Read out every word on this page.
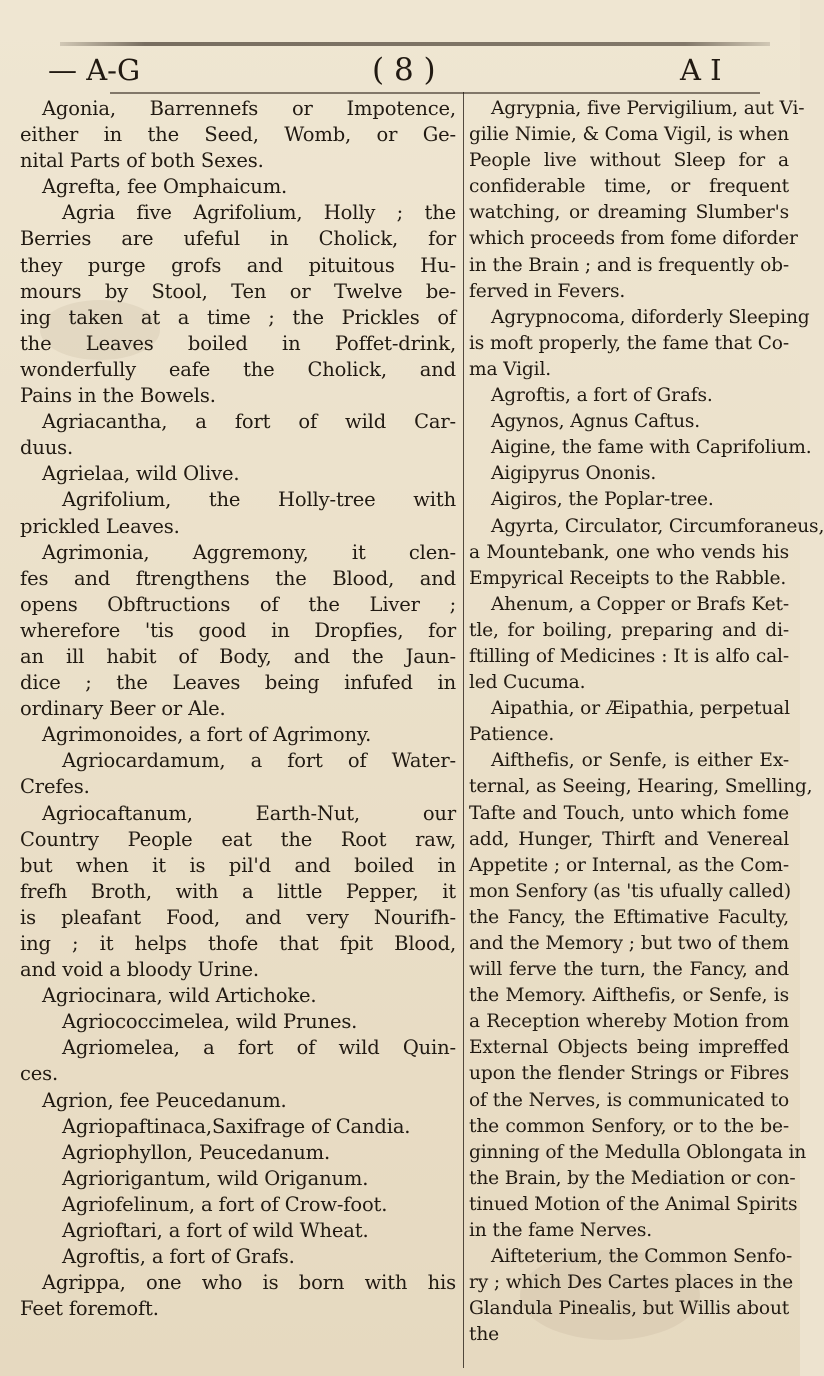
— A-G	( 8 )	A I
Agonia, Barrennefs or Impotence,
either in the Seed, Womb, or Ge-
nital Parts of both Sexes.
Agrefta, fee Omphaicum.
Agria five Agrifolium, Holly ; the
Berries are ufeful in Cholick, for
they purge grofs and pituitous Hu-
mours by Stool, Ten or Twelve be-
ing taken at a time ; the Prickles of
the Leaves boiled in Poffet-drink,
wonderfully eafe the Cholick, and
Pains in the Bowels.
Agriacantha, a fort of wild Car-
duus.
Agrielaa, wild Olive.
Agrifolium, the Holly-tree with
prickled Leaves.
Agrimonia, Aggremony, it clen-
fes and ftrengthens the Blood, and
opens Obftructions of the Liver ;
wherefore 'tis good in Dropfies, for
an ill habit of Body, and the Jaun-
dice ; the Leaves being infufed in
ordinary Beer or Ale.
Agrimonoides, a fort of Agrimony.
Agriocardamum, a fort of Water-
Crefes.
Agriocaftanum, Earth-Nut, our
Country People eat the Root raw,
but when it is pil'd and boiled in
frefh Broth, with a little Pepper, it
is pleafant Food, and very Nourifh-
ing ; it helps thofe that fpit Blood,
and void a bloody Urine.
Agriocinara, wild Artichoke.
Agriococcimelea, wild Prunes.
Agriomelea, a fort of wild Quin-
ces.
Agrion, fee Peucedanum.
Agriopaftinaca,Saxifrage of Candia.
Agriophyllon, Peucedanum.
Agriorigantum, wild Origanum.
Agriofelinum, a fort of Crow-foot.
Agrioftari, a fort of wild Wheat.
Agroftis, a fort of Grafs.
Agrippa, one who is born with his
Feet foremoft.
Agrypnia, five Pervigilium, aut Vi-
gilie Nimie, & Coma Vigil, is when
People live without Sleep for a
confiderable time, or frequent
watching, or dreaming Slumber's
which proceeds from fome diforder
in the Brain ; and is frequently ob-
ferved in Fevers.
Agrypnocoma, diforderly Sleeping
is moft properly, the fame that Co-
ma Vigil.
Agroftis, a fort of Grafs.
Agynos, Agnus Caftus.
Aigine, the fame with Caprifolium.
Aigipyrus Ononis.
Aigiros, the Poplar-tree.
Agyrta, Circulator, Circumforaneus,
a Mountebank, one who vends his
Empyrical Receipts to the Rabble.
Ahenum, a Copper or Brafs Ket-
tle, for boiling, preparing and di-
ftilling of Medicines : It is alfo cal-
led Cucuma.
Aipathia, or Æipathia, perpetual
Patience.
Aifthefis, or Senfe, is either Ex-
ternal, as Seeing, Hearing, Smelling,
Tafte and Touch, unto which fome
add, Hunger, Thirft and Venereal
Appetite ; or Internal, as the Com-
mon Senfory (as 'tis ufually called)
the Fancy, the Eftimative Faculty,
and the Memory ; but two of them
will ferve the turn, the Fancy, and
the Memory. Aifthefis, or Senfe, is
a Reception whereby Motion from
External Objects being impreffed
upon the flender Strings or Fibres
of the Nerves, is communicated to
the common Senfory, or to the be-
ginning of the Medulla Oblongata in
the Brain, by the Mediation or con-
tinued Motion of the Animal Spirits
in the fame Nerves.
Aifteterium, the Common Senfo-
ry ; which Des Cartes places in the
Glandula Pinealis, but Willis about
the
